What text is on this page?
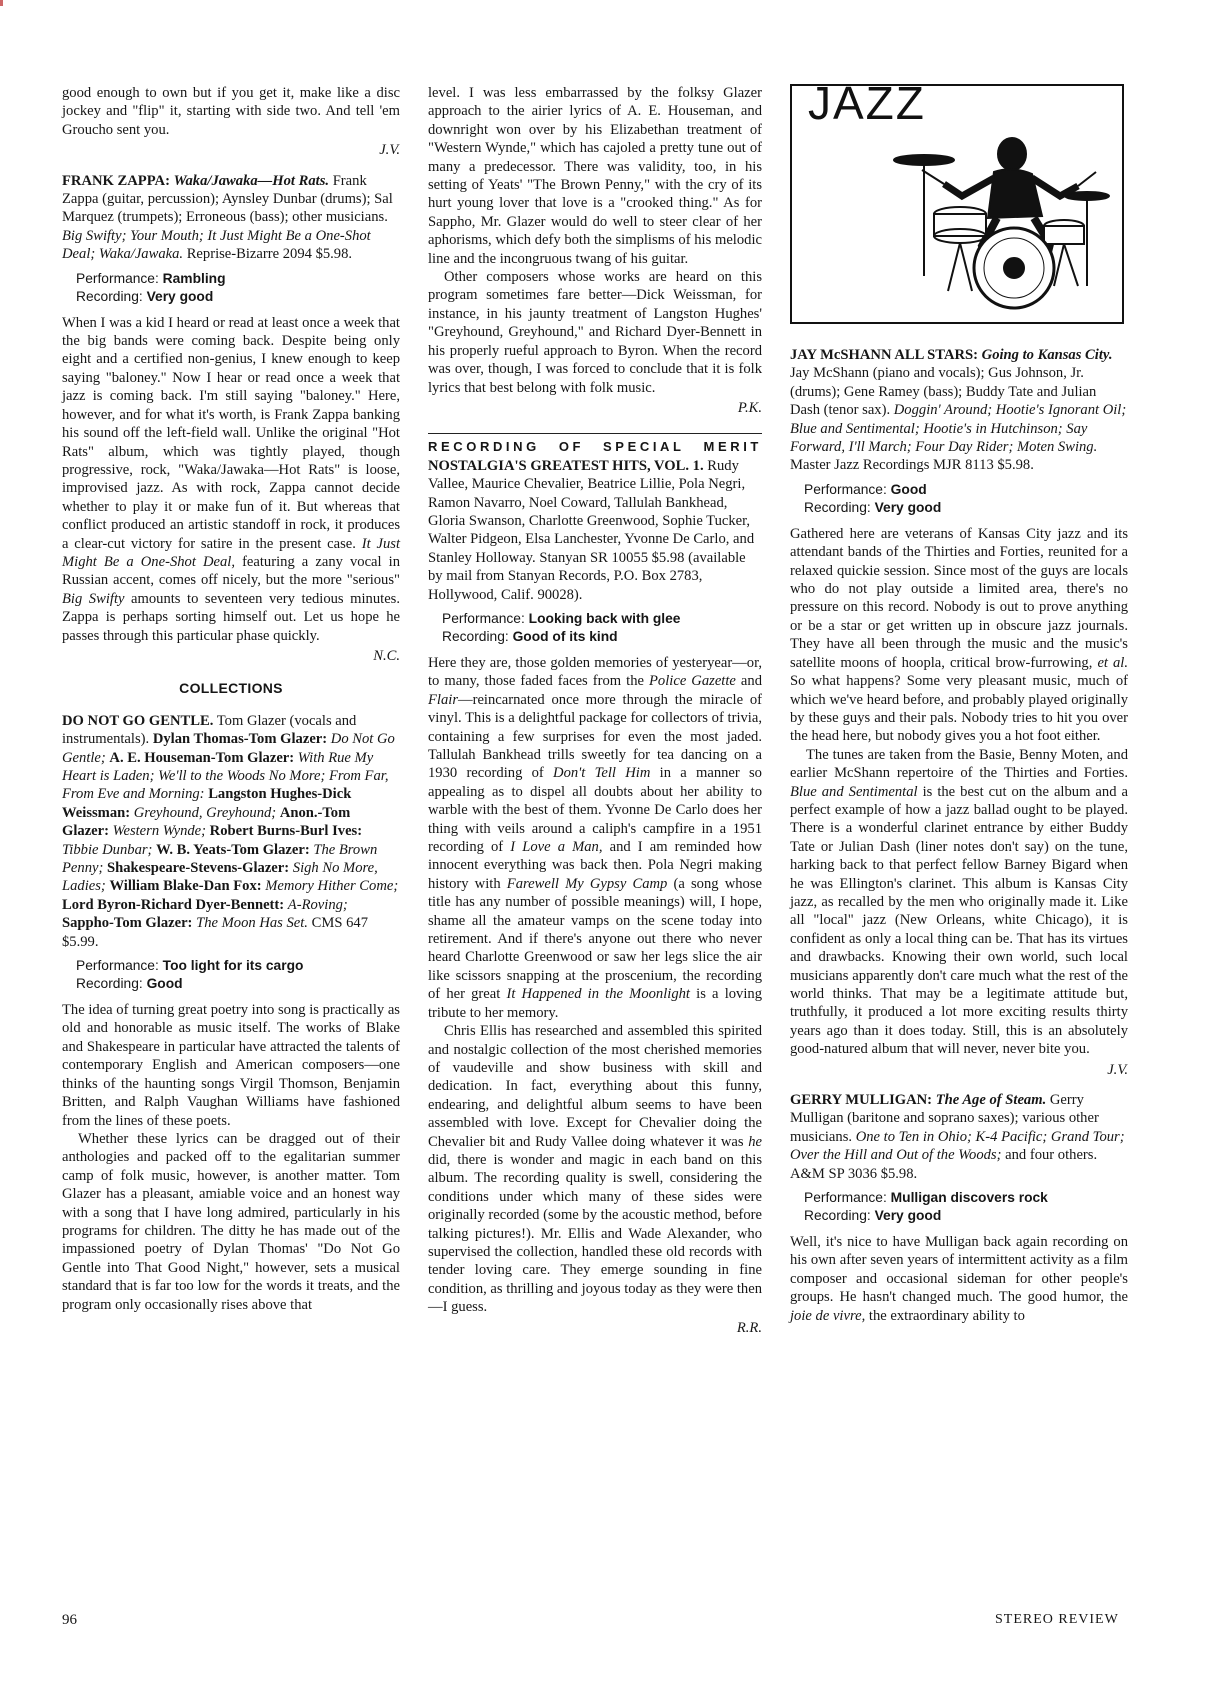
good enough to own but if you get it, make like a disc jockey and "flip" it, starting with side two. And tell 'em Groucho sent you.

J.V.

FRANK ZAPPA: Waka/Jawaka—Hot Rats. Frank Zappa (guitar, percussion); Aynsley Dunbar (drums); Sal Marquez (trumpets); Erroneous (bass); other musicians. Big Swifty; Your Mouth; It Just Might Be a One-Shot Deal; Waka/Jawaka. Reprise-Bizarre 2094 $5.98.

Performance: Rambling
Recording: Very good

When I was a kid I heard or read at least once a week that the big bands were coming back. Despite being only eight and a certified non-genius, I knew enough to keep saying "baloney." Now I hear or read once a week that jazz is coming back. I'm still saying "baloney." Here, however, and for what it's worth, is Frank Zappa banking his sound off the left-field wall. Unlike the original "Hot Rats" album, which was tightly played, though progressive, rock, "Waka/Jawaka—Hot Rats" is loose, improvised jazz. As with rock, Zappa cannot decide whether to play it or make fun of it. But whereas that conflict produced an artistic standoff in rock, it produces a clear-cut victory for satire in the present case. It Just Might Be a One-Shot Deal, featuring a zany vocal in Russian accent, comes off nicely, but the more "serious" Big Swifty amounts to seventeen very tedious minutes. Zappa is perhaps sorting himself out. Let us hope he passes through this particular phase quickly.

N.C.

COLLECTIONS

DO NOT GO GENTLE. Tom Glazer (vocals and instrumentals). Dylan Thomas-Tom Glazer: Do Not Go Gentle; A. E. Houseman-Tom Glazer: With Rue My Heart is Laden; We'll to the Woods No More; From Far, From Eve and Morning: Langston Hughes-Dick Weissman: Greyhound, Greyhound; Anon.-Tom Glazer: Western Wynde; Robert Burns-Burl Ives: Tibbie Dunbar; W. B. Yeats-Tom Glazer: The Brown Penny; Shakespeare-Stevens-Glazer: Sigh No More, Ladies; William Blake-Dan Fox: Memory Hither Come; Lord Byron-Richard Dyer-Bennett: A-Roving; Sappho-Tom Glazer: The Moon Has Set. CMS 647 $5.99.

Performance: Too light for its cargo
Recording: Good

The idea of turning great poetry into song is practically as old and honorable as music itself. The works of Blake and Shakespeare in particular have attracted the talents of contemporary English and American composers—one thinks of the haunting songs Virgil Thomson, Benjamin Britten, and Ralph Vaughan Williams have fashioned from the lines of these poets.

Whether these lyrics can be dragged out of their anthologies and packed off to the egalitarian summer camp of folk music, however, is another matter. Tom Glazer has a pleasant, amiable voice and an honest way with a song that I have long admired, particularly in his programs for children. The ditty he has made out of the impassioned poetry of Dylan Thomas' "Do Not Go Gentle into That Good Night," however, sets a musical standard that is far too low for the words it treats, and the program only occasionally rises above that

level. I was less embarrassed by the folksy Glazer approach to the airier lyrics of A. E. Houseman, and downright won over by his Elizabethan treatment of "Western Wynde," which has cajoled a pretty tune out of many a predecessor. There was validity, too, in his setting of Yeats' "The Brown Penny," with the cry of its hurt young lover that love is a "crooked thing." As for Sappho, Mr. Glazer would do well to steer clear of her aphorisms, which defy both the simplisms of his melodic line and the incongruous twang of his guitar.

Other composers whose works are heard on this program sometimes fare better—Dick Weissman, for instance, in his jaunty treatment of Langston Hughes' "Greyhound, Greyhound," and Richard Dyer-Bennett in his properly rueful approach to Byron. When the record was over, though, I was forced to conclude that it is folk lyrics that best belong with folk music.

P.K.

RECORDING OF SPECIAL MERIT

NOSTALGIA'S GREATEST HITS, VOL. 1. Rudy Vallee, Maurice Chevalier, Beatrice Lillie, Pola Negri, Ramon Navarro, Noel Coward, Tallulah Bankhead, Gloria Swanson, Charlotte Greenwood, Sophie Tucker, Walter Pidgeon, Elsa Lanchester, Yvonne De Carlo, and Stanley Holloway. Stanyan SR 10055 $5.98 (available by mail from Stanyan Records, P.O. Box 2783, Hollywood, Calif. 90028).

Performance: Looking back with glee
Recording: Good of its kind

Here they are, those golden memories of yesteryear—or, to many, those faded faces from the Police Gazette and Flair—reincarnated once more through the miracle of vinyl. This is a delightful package for collectors of trivia, containing a few surprises for even the most jaded. Tallulah Bankhead trills sweetly for tea dancing on a 1930 recording of Don't Tell Him in a manner so appealing as to dispel all doubts about her ability to warble with the best of them. Yvonne De Carlo does her thing with veils around a caliph's campfire in a 1951 recording of I Love a Man, and I am reminded how innocent everything was back then. Pola Negri making history with Farewell My Gypsy Camp (a song whose title has any number of possible meanings) will, I hope, shame all the amateur vamps on the scene today into retirement. And if there's anyone out there who never heard Charlotte Greenwood or saw her legs slice the air like scissors snapping at the proscenium, the recording of her great It Happened in the Moonlight is a loving tribute to her memory.

Chris Ellis has researched and assembled this spirited and nostalgic collection of the most cherished memories of vaudeville and show business with skill and dedication. In fact, everything about this funny, endearing, and delightful album seems to have been assembled with love. Except for Chevalier doing the Chevalier bit and Rudy Vallee doing whatever it was he did, there is wonder and magic in each band on this album. The recording quality is swell, considering the conditions under which many of these sides were originally recorded (some by the acoustic method, before talking pictures!). Mr. Ellis and Wade Alexander, who supervised the collection, handled these old records with tender loving care. They emerge sounding in fine condition, as thrilling and joyous today as they were then—I guess.

R.R.

JAZZ

JAY McSHANN ALL STARS: Going to Kansas City. Jay McShann (piano and vocals); Gus Johnson, Jr. (drums); Gene Ramey (bass); Buddy Tate and Julian Dash (tenor sax). Doggin' Around; Hootie's Ignorant Oil; Blue and Sentimental; Hootie's in Hutchinson; Say Forward, I'll March; Four Day Rider; Moten Swing. Master Jazz Recordings MJR 8113 $5.98.

Performance: Good
Recording: Very good

Gathered here are veterans of Kansas City jazz and its attendant bands of the Thirties and Forties, reunited for a relaxed quickie session. Since most of the guys are locals who do not play outside a limited area, there's no pressure on this record. Nobody is out to prove anything or be a star or get written up in obscure jazz journals. They have all been through the music and the music's satellite moons of hoopla, critical brow-furrowing, et al. So what happens? Some very pleasant music, much of which we've heard before, and probably played originally by these guys and their pals. Nobody tries to hit you over the head here, but nobody gives you a hot foot either.

The tunes are taken from the Basie, Benny Moten, and earlier McShann repertoire of the Thirties and Forties. Blue and Sentimental is the best cut on the album and a perfect example of how a jazz ballad ought to be played. There is a wonderful clarinet entrance by either Buddy Tate or Julian Dash (liner notes don't say) on the tune, harking back to that perfect fellow Barney Bigard when he was Ellington's clarinet. This album is Kansas City jazz, as recalled by the men who originally made it. Like all "local" jazz (New Orleans, white Chicago), it is confident as only a local thing can be. That has its virtues and drawbacks. Knowing their own world, such local musicians apparently don't care much what the rest of the world thinks. That may be a legitimate attitude but, truthfully, it produced a lot more exciting results thirty years ago than it does today. Still, this is an absolutely good-natured album that will never, never bite you.

J.V.

GERRY MULLIGAN: The Age of Steam. Gerry Mulligan (baritone and soprano saxes); various other musicians. One to Ten in Ohio; K-4 Pacific; Grand Tour; Over the Hill and Out of the Woods; and four others. A&M SP 3036 $5.98.

Performance: Mulligan discovers rock
Recording: Very good

Well, it's nice to have Mulligan back again recording on his own after seven years of intermittent activity as a film composer and occasional sideman for other people's groups. He hasn't changed much. The good humor, the joie de vivre, the extraordinary ability to

96	STEREO REVIEW
